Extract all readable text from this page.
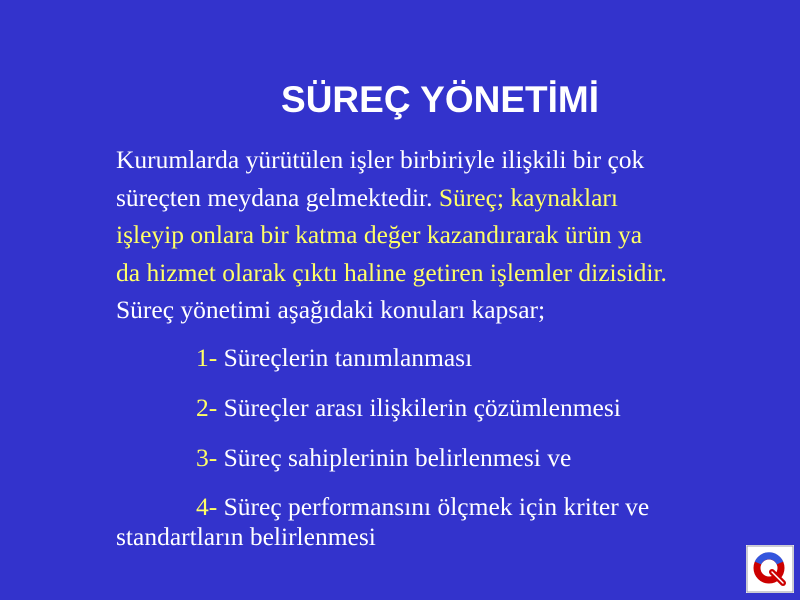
SÜREÇ YÖNETİMİ

Kurumlarda yürütülen işler birbiriyle ilişkili bir çok
süreçten meydana gelmektedir. Süreç; kaynakları
işleyip onlara bir katma değer kazandırarak ürün ya
da hizmet olarak çıktı haline getiren işlemler dizisidir.
Süreç yönetimi aşağıdaki konuları kapsar;

1- Süreçlerin tanımlanması
2- Süreçler arası ilişkilerin çözümlenmesi
3- Süreç sahiplerinin belirlenmesi ve
4- Süreç performansını ölçmek için kriter ve
standartların belirlenmesi
